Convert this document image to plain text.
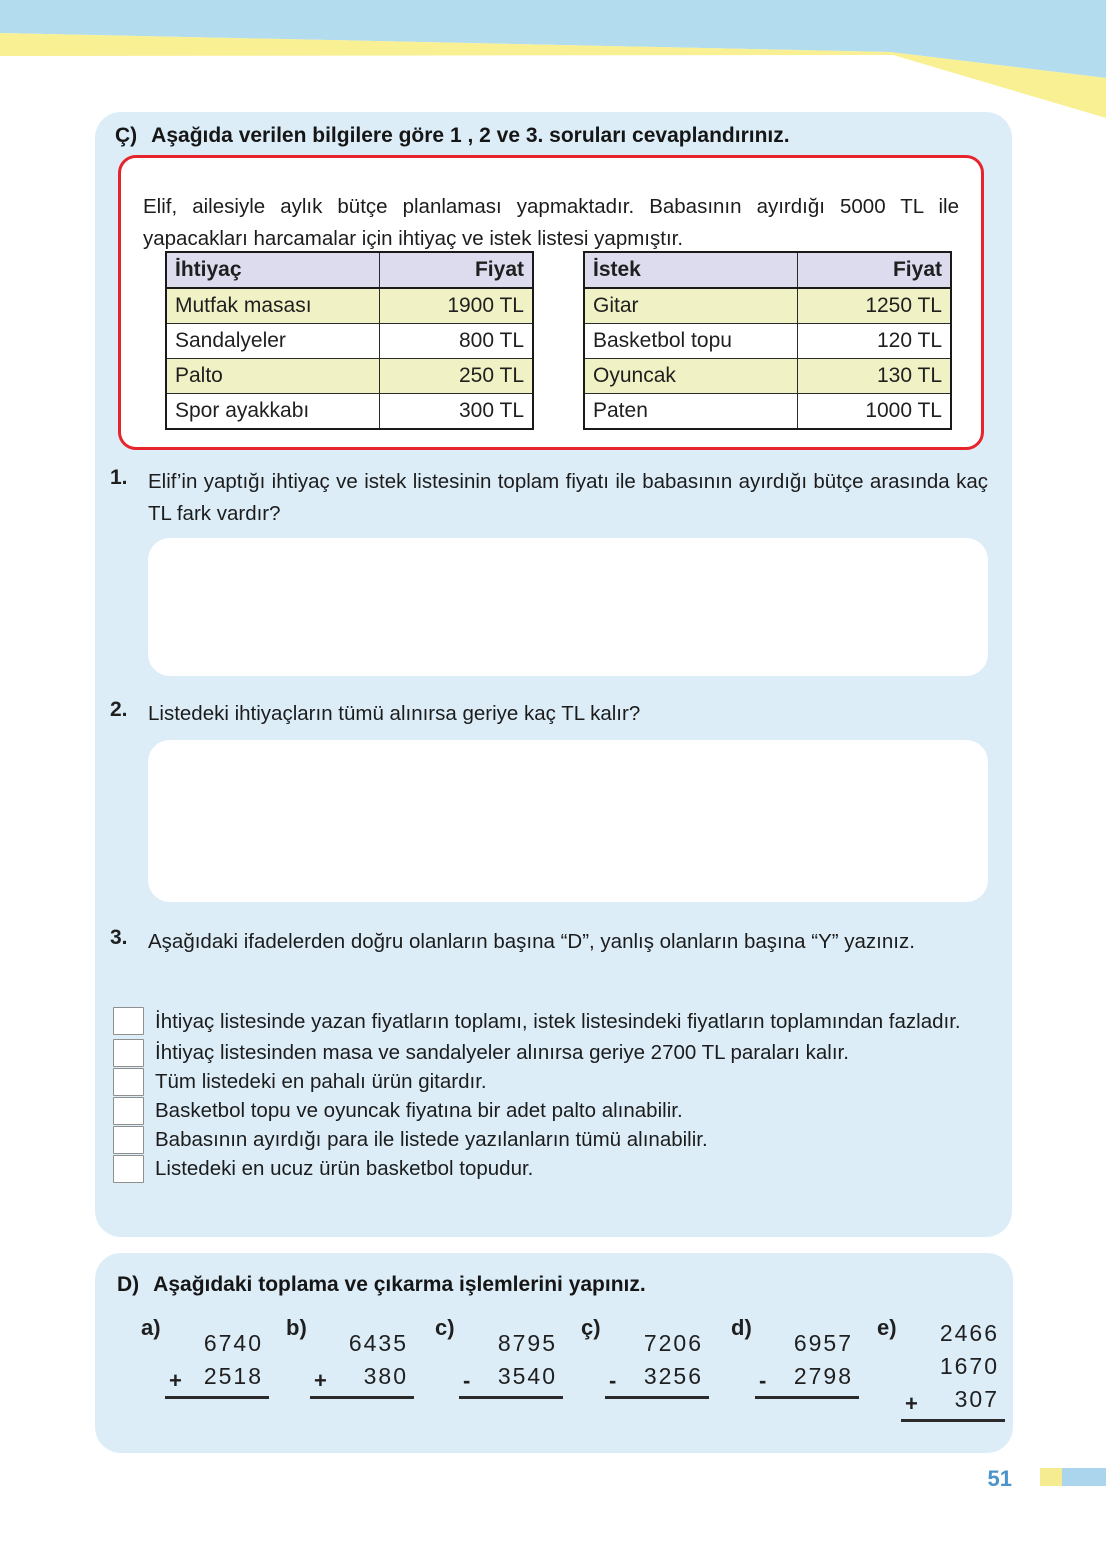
Ç) Aşağıda verilen bilgilere göre 1 , 2 ve 3. soruları cevaplandırınız.

Elif, ailesiyle aylık bütçe planlaması yapmaktadır. Babasının ayırdığı 5000 TL ile yapacakları harcamalar için ihtiyaç ve istek listesi yapmıştır.

İhtiyaç	Fiyat
Mutfak masası	1900 TL
Sandalyeler	800 TL
Palto	250 TL
Spor ayakkabı	300 TL
İstek	Fiyat
Gitar	1250 TL
Basketbol topu	120 TL
Oyuncak	130 TL
Paten	1000 TL
1. Elif’in yaptığı ihtiyaç ve istek listesinin toplam fiyatı ile babasının ayırdığı bütçe arasında kaç TL fark vardır?
2. Listedeki ihtiyaçların tümü alınırsa geriye kaç TL kalır?
3. Aşağıdaki ifadelerden doğru olanların başına “D”, yanlış olanların başına “Y” yazınız.
İhtiyaç listesinde yazan fiyatların toplamı, istek listesindeki fiyatların toplamından fazladır.
İhtiyaç listesinden masa ve sandalyeler alınırsa geriye 2700 TL paraları kalır.
Tüm listedeki en pahalı ürün gitardır.
Basketbol topu ve oyuncak fiyatına bir adet palto alınabilir.
Babasının ayırdığı para ile listede yazılanların tümü alınabilir.
Listedeki en ucuz ürün basketbol topudur.
D) Aşağıdaki toplama ve çıkarma işlemlerini yapınız.
a)
6740
2518
+
b)
6435
380
+
c)
8795
3540
-
ç)
7206
3256
-
d)
6957
2798
-
e)	2466
1670
307
+
51
